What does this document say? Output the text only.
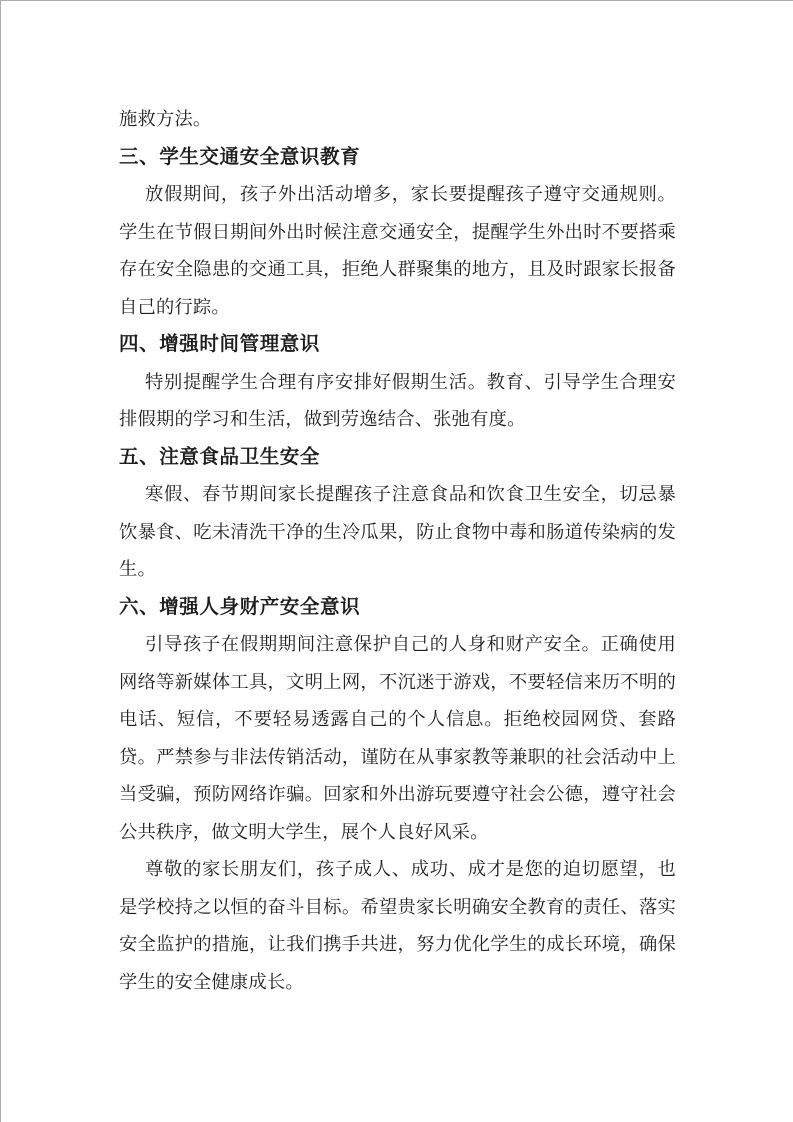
施救方法。

三、学生交通安全意识教育

放假期间，孩子外出活动增多，家长要提醒孩子遵守交通规则。学生在节假日期间外出时候注意交通安全，提醒学生外出时不要搭乘存在安全隐患的交通工具，拒绝人群聚集的地方，且及时跟家长报备自己的行踪。

四、增强时间管理意识

特别提醒学生合理有序安排好假期生活。教育、引导学生合理安排假期的学习和生活，做到劳逸结合、张弛有度。

五、注意食品卫生安全

寒假、春节期间家长提醒孩子注意食品和饮食卫生安全，切忌暴饮暴食、吃未清洗干净的生冷瓜果，防止食物中毒和肠道传染病的发生。

六、增强人身财产安全意识

引导孩子在假期期间注意保护自己的人身和财产安全。正确使用网络等新媒体工具，文明上网，不沉迷于游戏，不要轻信来历不明的电话、短信，不要轻易透露自己的个人信息。拒绝校园网贷、套路贷。严禁参与非法传销活动，谨防在从事家教等兼职的社会活动中上当受骗，预防网络诈骗。回家和外出游玩要遵守社会公德，遵守社会公共秩序，做文明大学生，展个人良好风采。

尊敬的家长朋友们，孩子成人、成功、成才是您的迫切愿望，也是学校持之以恒的奋斗目标。希望贵家长明确安全教育的责任、落实安全监护的措施，让我们携手共进，努力优化学生的成长环境，确保学生的安全健康成长。
